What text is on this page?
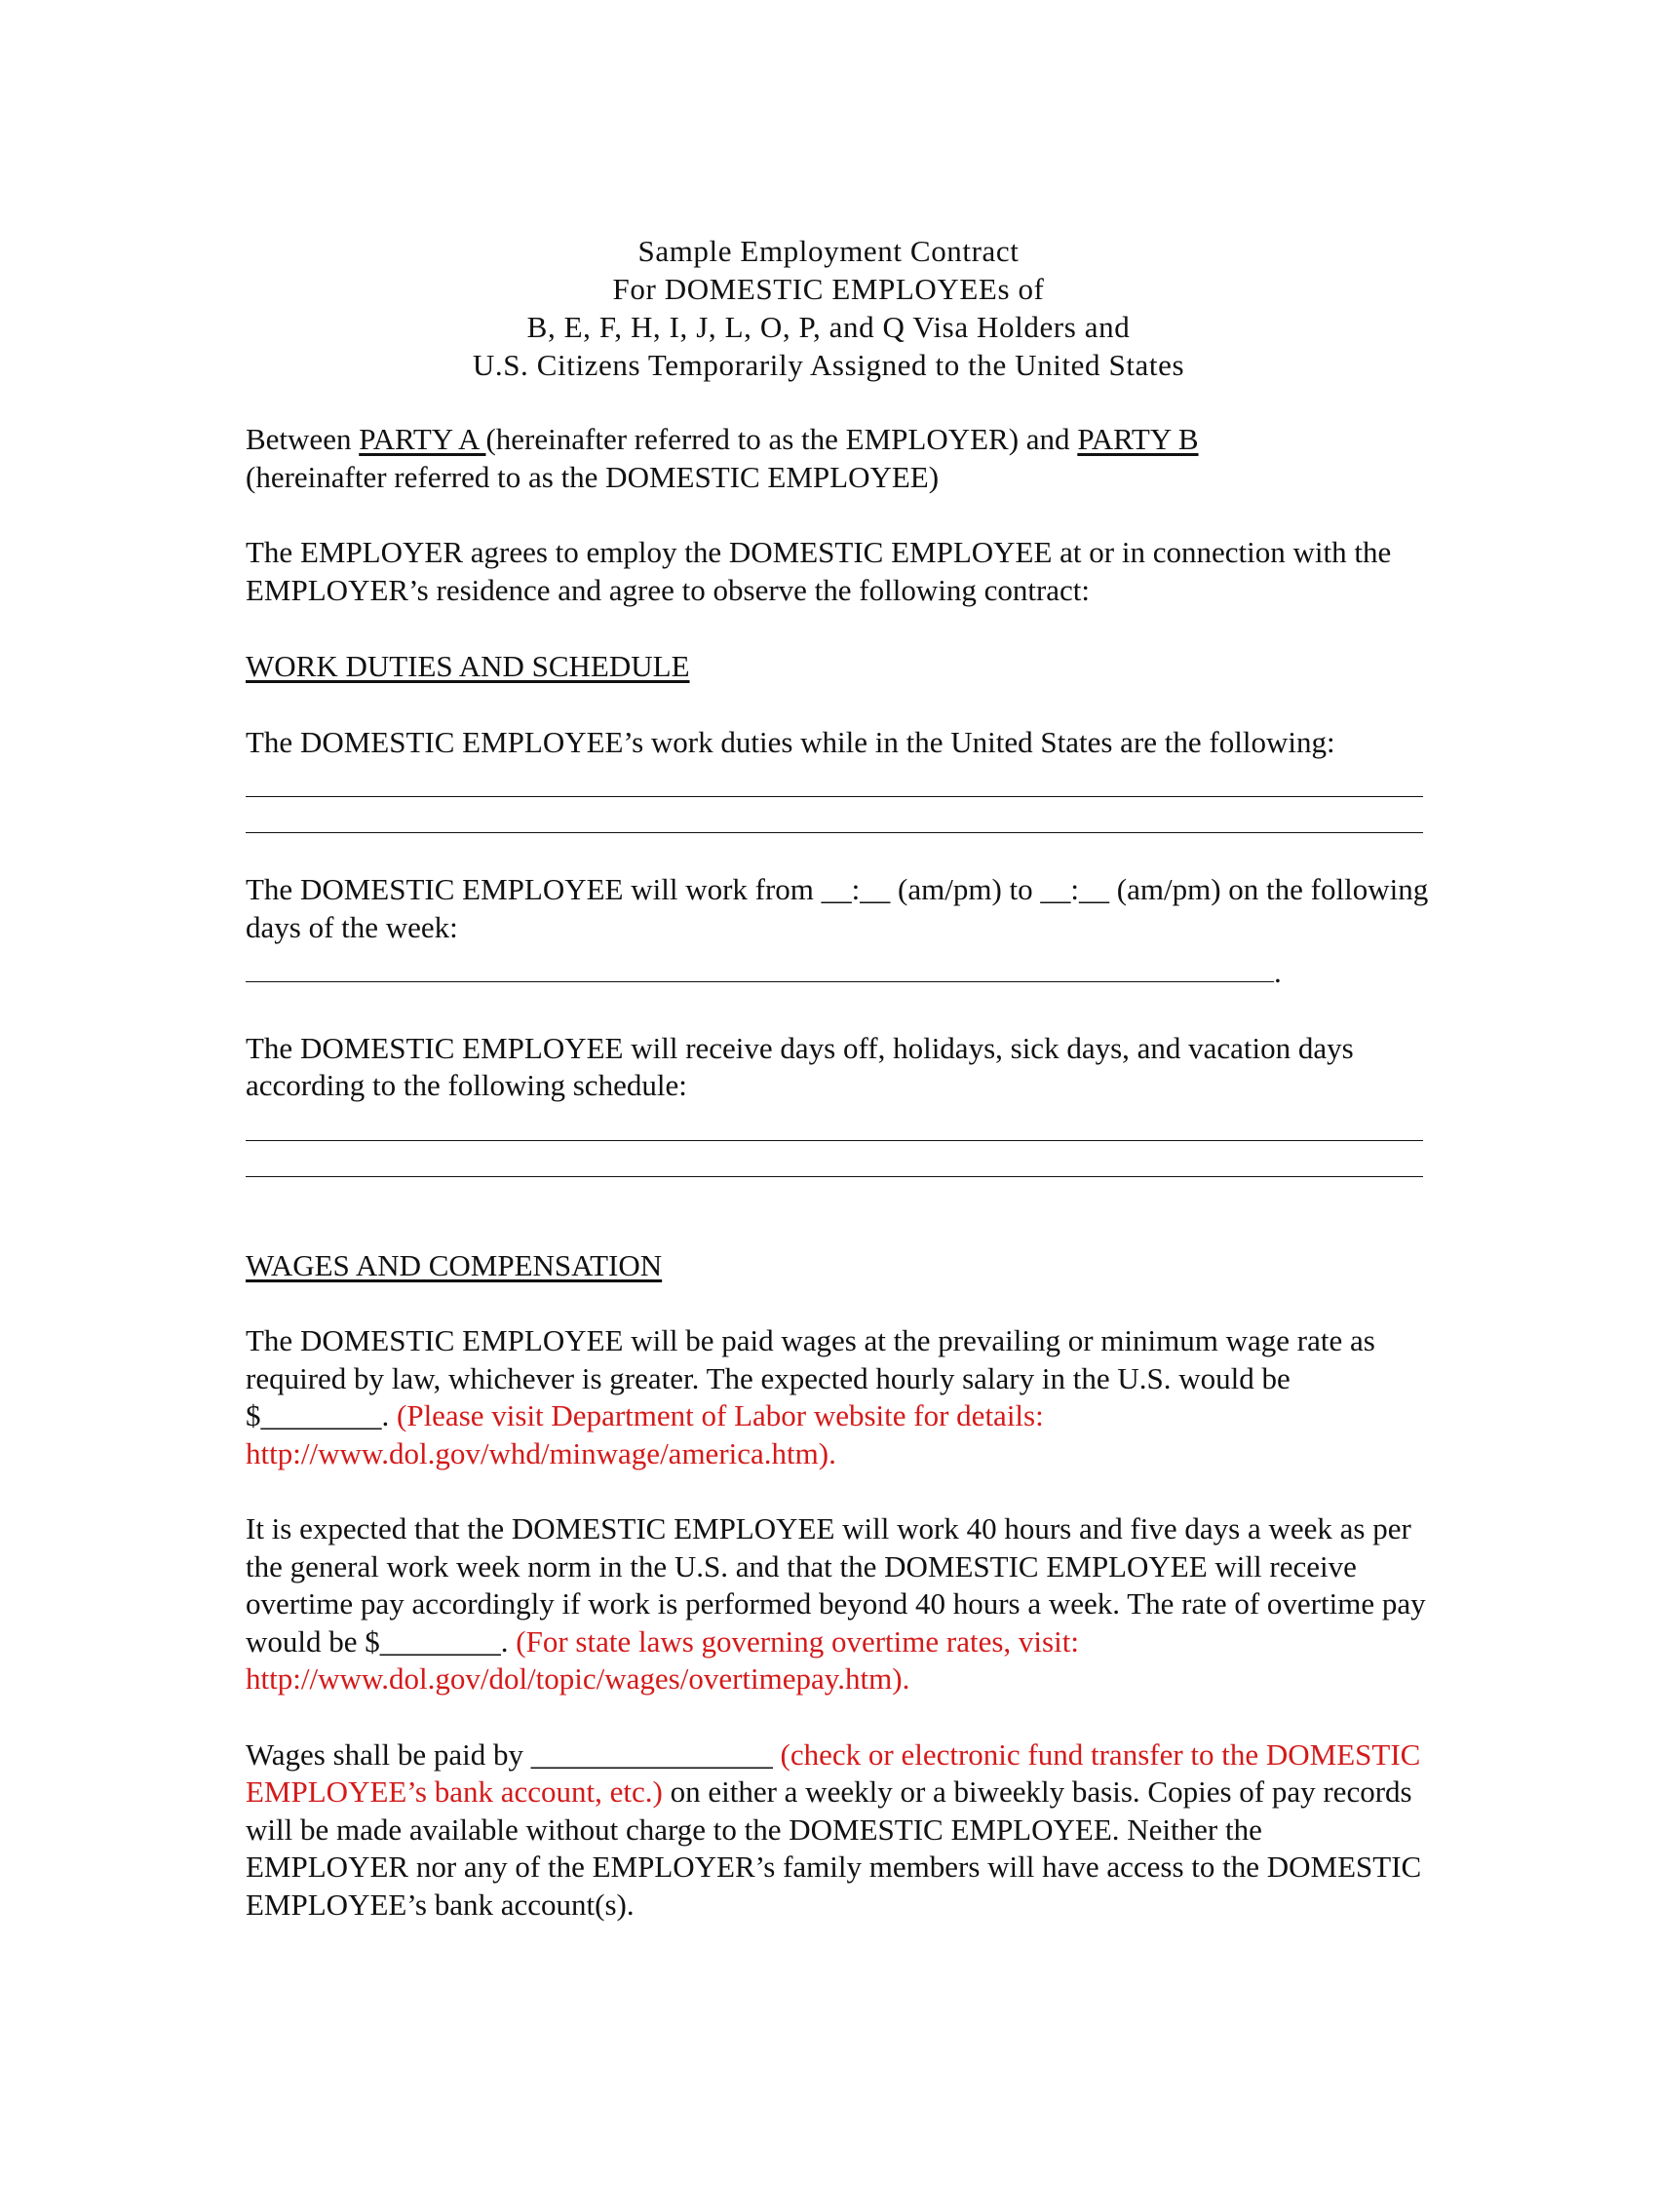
Sample Employment Contract
For DOMESTIC EMPLOYEEs of
B, E, F, H, I, J, L, O, P, and Q Visa Holders and
U.S. Citizens Temporarily Assigned to the United States

Between PARTY A (hereinafter referred to as the EMPLOYER) and PARTY B
(hereinafter referred to as the DOMESTIC EMPLOYEE)

The EMPLOYER agrees to employ the DOMESTIC EMPLOYEE at or in connection with the EMPLOYER’s residence and agree to observe the following contract:

WORK DUTIES AND SCHEDULE

The DOMESTIC EMPLOYEE’s work duties while in the United States are the following:

The DOMESTIC EMPLOYEE will work from __:__ (am/pm) to __:__ (am/pm) on the following days of the week:

.

The DOMESTIC EMPLOYEE will receive days off, holidays, sick days, and vacation days according to the following schedule:

WAGES AND COMPENSATION

The DOMESTIC EMPLOYEE will be paid wages at the prevailing or minimum wage rate as required by law, whichever is greater. The expected hourly salary in the U.S. would be $________. (Please visit Department of Labor website for details: http://www.dol.gov/whd/minwage/america.htm).

It is expected that the DOMESTIC EMPLOYEE will work 40 hours and five days a week as per the general work week norm in the U.S. and that the DOMESTIC EMPLOYEE will receive overtime pay accordingly if work is performed beyond 40 hours a week. The rate of overtime pay would be $________. (For state laws governing overtime rates, visit: http://www.dol.gov/dol/topic/wages/overtimepay.htm).

Wages shall be paid by ________________ (check or electronic fund transfer to the DOMESTIC EMPLOYEE’s bank account, etc.) on either a weekly or a biweekly basis. Copies of pay records will be made available without charge to the DOMESTIC EMPLOYEE. Neither the EMPLOYER nor any of the EMPLOYER’s family members will have access to the DOMESTIC EMPLOYEE’s bank account(s).
